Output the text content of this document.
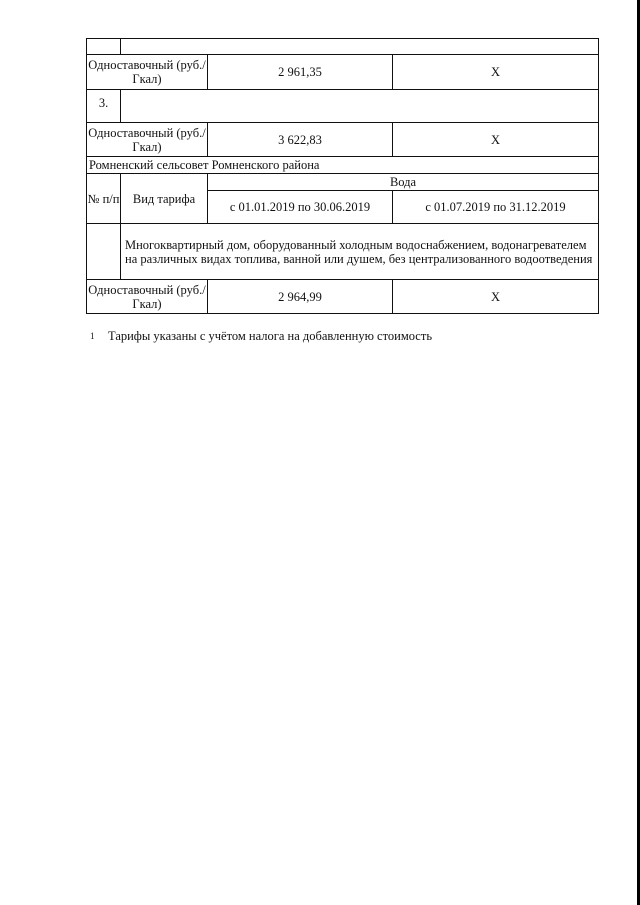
Одноставочный (руб./Гкал)		2 961,35	X
3.			
Одноставочный (руб./Гкал)		3 622,83	X
Ромненский сельсовет Ромненского района			
№ п/п	Вид тарифа	Вода	
		с 01.01.2019 по 30.06.2019	с 01.07.2019 по 31.12.2019
	Многоквартирный дом, оборудованный холодным водоснабжением, водонагревателем на различных видах топлива, ванной или душем, без централизованного водоотведения		
Одноставочный (руб./Гкал)		2 964,99	X
1 Тарифы указаны с учётом налога на добавленную стоимость
